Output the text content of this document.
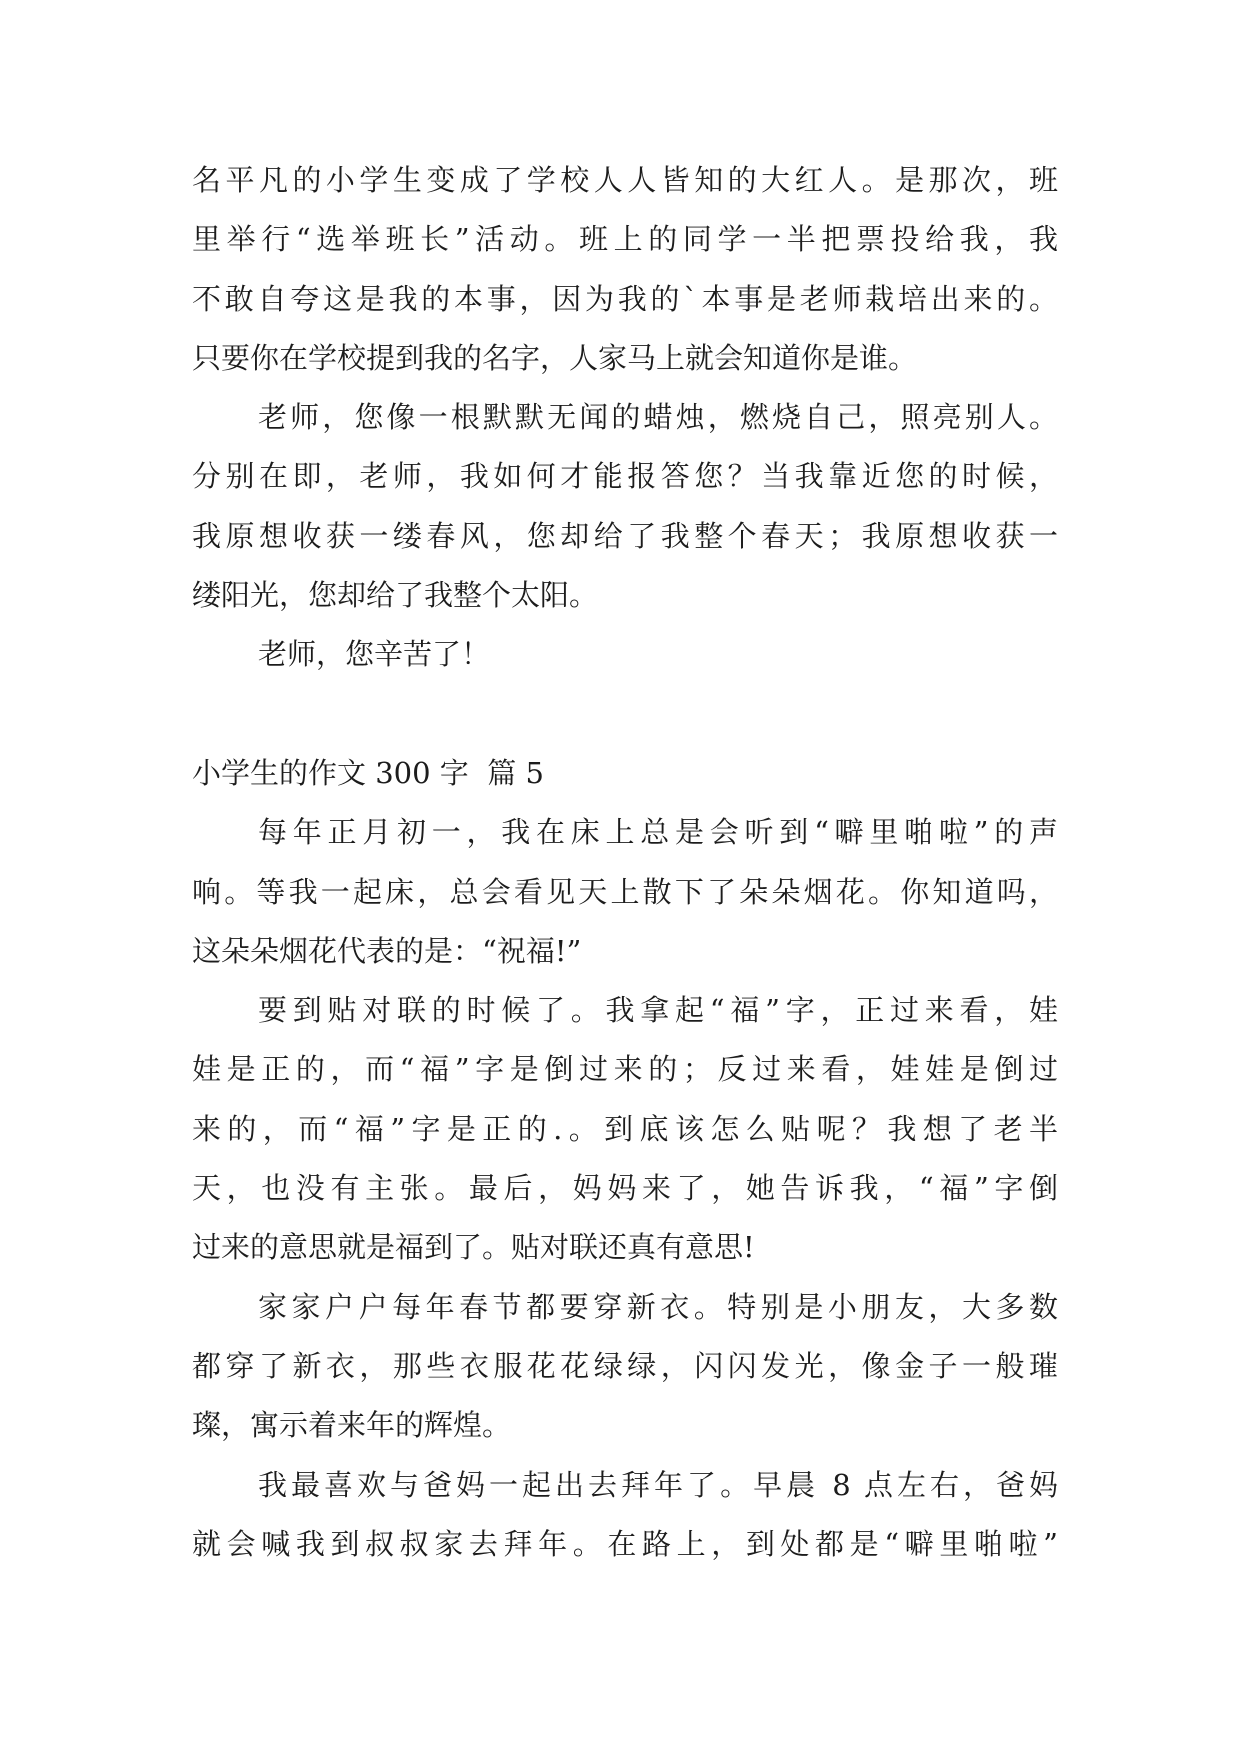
名平凡的小学生变成了学校人人皆知的大红人。是那次，班
里举行“选举班长”活动。班上的同学一半把票投给我，我
不敢自夸这是我的本事，因为我的`本事是老师栽培出来的。
只要你在学校提到我的名字，人家马上就会知道你是谁。
老师，您像一根默默无闻的蜡烛，燃烧自己，照亮别人。
分别在即，老师，我如何才能报答您？当我靠近您的时候，
我原想收获一缕春风，您却给了我整个春天；我原想收获一
缕阳光，您却给了我整个太阳。
老师，您辛苦了！
小学生的作文 300 字  篇 5
每年正月初一，我在床上总是会听到“噼里啪啦”的声
响。等我一起床，总会看见天上散下了朵朵烟花。你知道吗，
这朵朵烟花代表的是：“祝福!”
要到贴对联的时候了。我拿起“福”字，正过来看，娃
娃是正的，而“福”字是倒过来的；反过来看，娃娃是倒过
来的，而“福”字是正的.。到底该怎么贴呢？我想了老半
天，也没有主张。最后，妈妈来了，她告诉我，“福”字倒
过来的意思就是福到了。贴对联还真有意思!
家家户户每年春节都要穿新衣。特别是小朋友，大多数
都穿了新衣，那些衣服花花绿绿，闪闪发光，像金子一般璀
璨，寓示着来年的辉煌。
我最喜欢与爸妈一起出去拜年了。早晨 8 点左右，爸妈
就会喊我到叔叔家去拜年。在路上，到处都是“噼里啪啦”
